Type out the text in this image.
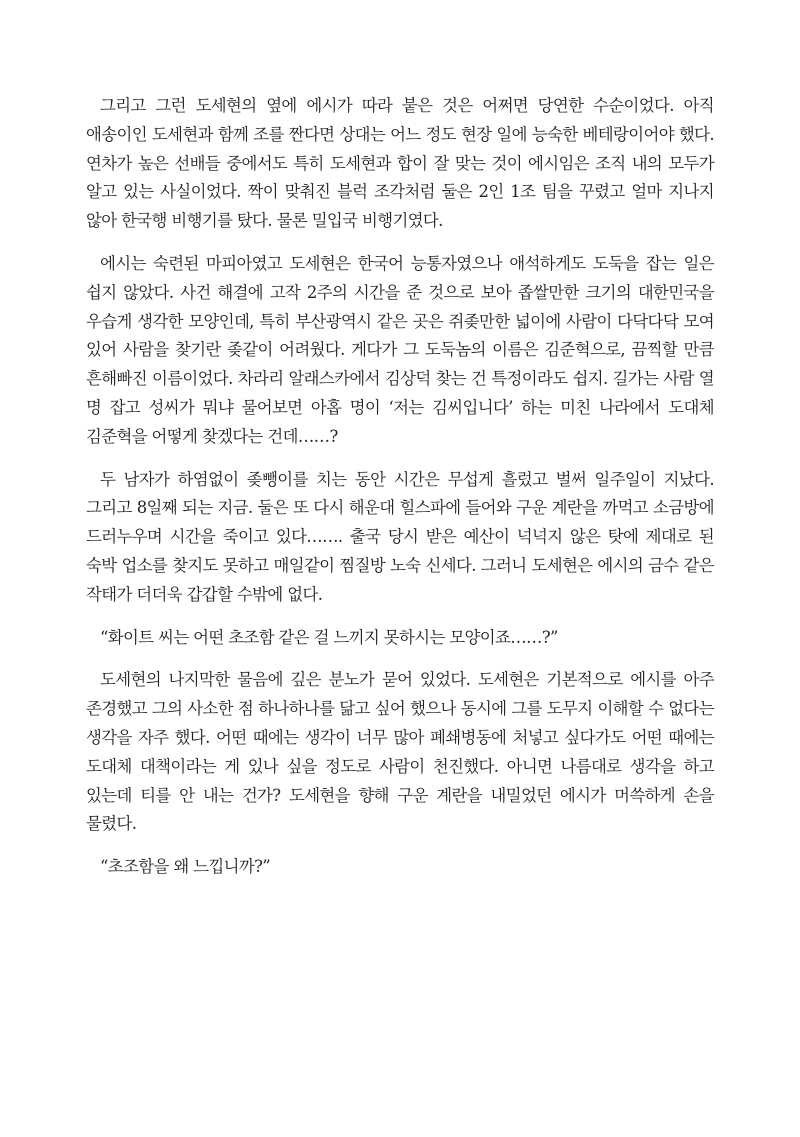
그리고 그런 도세현의 옆에 에시가 따라 붙은 것은 어쩌면 당연한 수순이었다. 아직 애송이인 도세현과 함께 조를 짠다면 상대는 어느 정도 현장 일에 능숙한 베테랑이어야 했다. 연차가 높은 선배들 중에서도 특히 도세현과 합이 잘 맞는 것이 에시임은 조직 내의 모두가 알고 있는 사실이었다. 짝이 맞춰진 블럭 조각처럼 둘은 2인 1조 팀을 꾸렸고 얼마 지나지 않아 한국행 비행기를 탔다. 물론 밀입국 비행기였다.

에시는 숙련된 마피아였고 도세현은 한국어 능통자였으나 애석하게도 도둑을 잡는 일은 쉽지 않았다. 사건 해결에 고작 2주의 시간을 준 것으로 보아 좁쌀만한 크기의 대한민국을 우습게 생각한 모양인데, 특히 부산광역시 같은 곳은 쥐좆만한 넓이에 사람이 다닥다닥 모여 있어 사람을 찾기란 좆같이 어려웠다. 게다가 그 도둑놈의 이름은 김준혁으로, 끔찍할 만큼 흔해빠진 이름이었다. 차라리 알래스카에서 김상덕 찾는 건 특정이라도 쉽지. 길가는 사람 열 명 잡고 성씨가 뭐냐 물어보면 아홉 명이 ‘저는 김씨입니다’ 하는 미친 나라에서 도대체 김준혁을 어떻게 찾겠다는 건데……?

두 남자가 하염없이 좆뺑이를 치는 동안 시간은 무섭게 흘렀고 벌써 일주일이 지났다. 그리고 8일째 되는 지금. 둘은 또 다시 해운대 힐스파에 들어와 구운 계란을 까먹고 소금방에 드러누우며 시간을 죽이고 있다……. 출국 당시 받은 예산이 넉넉지 않은 탓에 제대로 된 숙박 업소를 찾지도 못하고 매일같이 찜질방 노숙 신세다. 그러니 도세현은 에시의 금수 같은 작태가 더더욱 갑갑할 수밖에 없다.

“화이트 씨는 어떤 초조함 같은 걸 느끼지 못하시는 모양이죠……?”

도세현의 나지막한 물음에 깊은 분노가 묻어 있었다. 도세현은 기본적으로 에시를 아주 존경했고 그의 사소한 점 하나하나를 닮고 싶어 했으나 동시에 그를 도무지 이해할 수 없다는 생각을 자주 했다. 어떤 때에는 생각이 너무 많아 폐쇄병동에 처넣고 싶다가도 어떤 때에는 도대체 대책이라는 게 있나 싶을 정도로 사람이 천진했다. 아니면 나름대로 생각을 하고 있는데 티를 안 내는 건가? 도세현을 향해 구운 계란을 내밀었던 에시가 머쓱하게 손을 물렸다.

“초조함을 왜 느낍니까?”
